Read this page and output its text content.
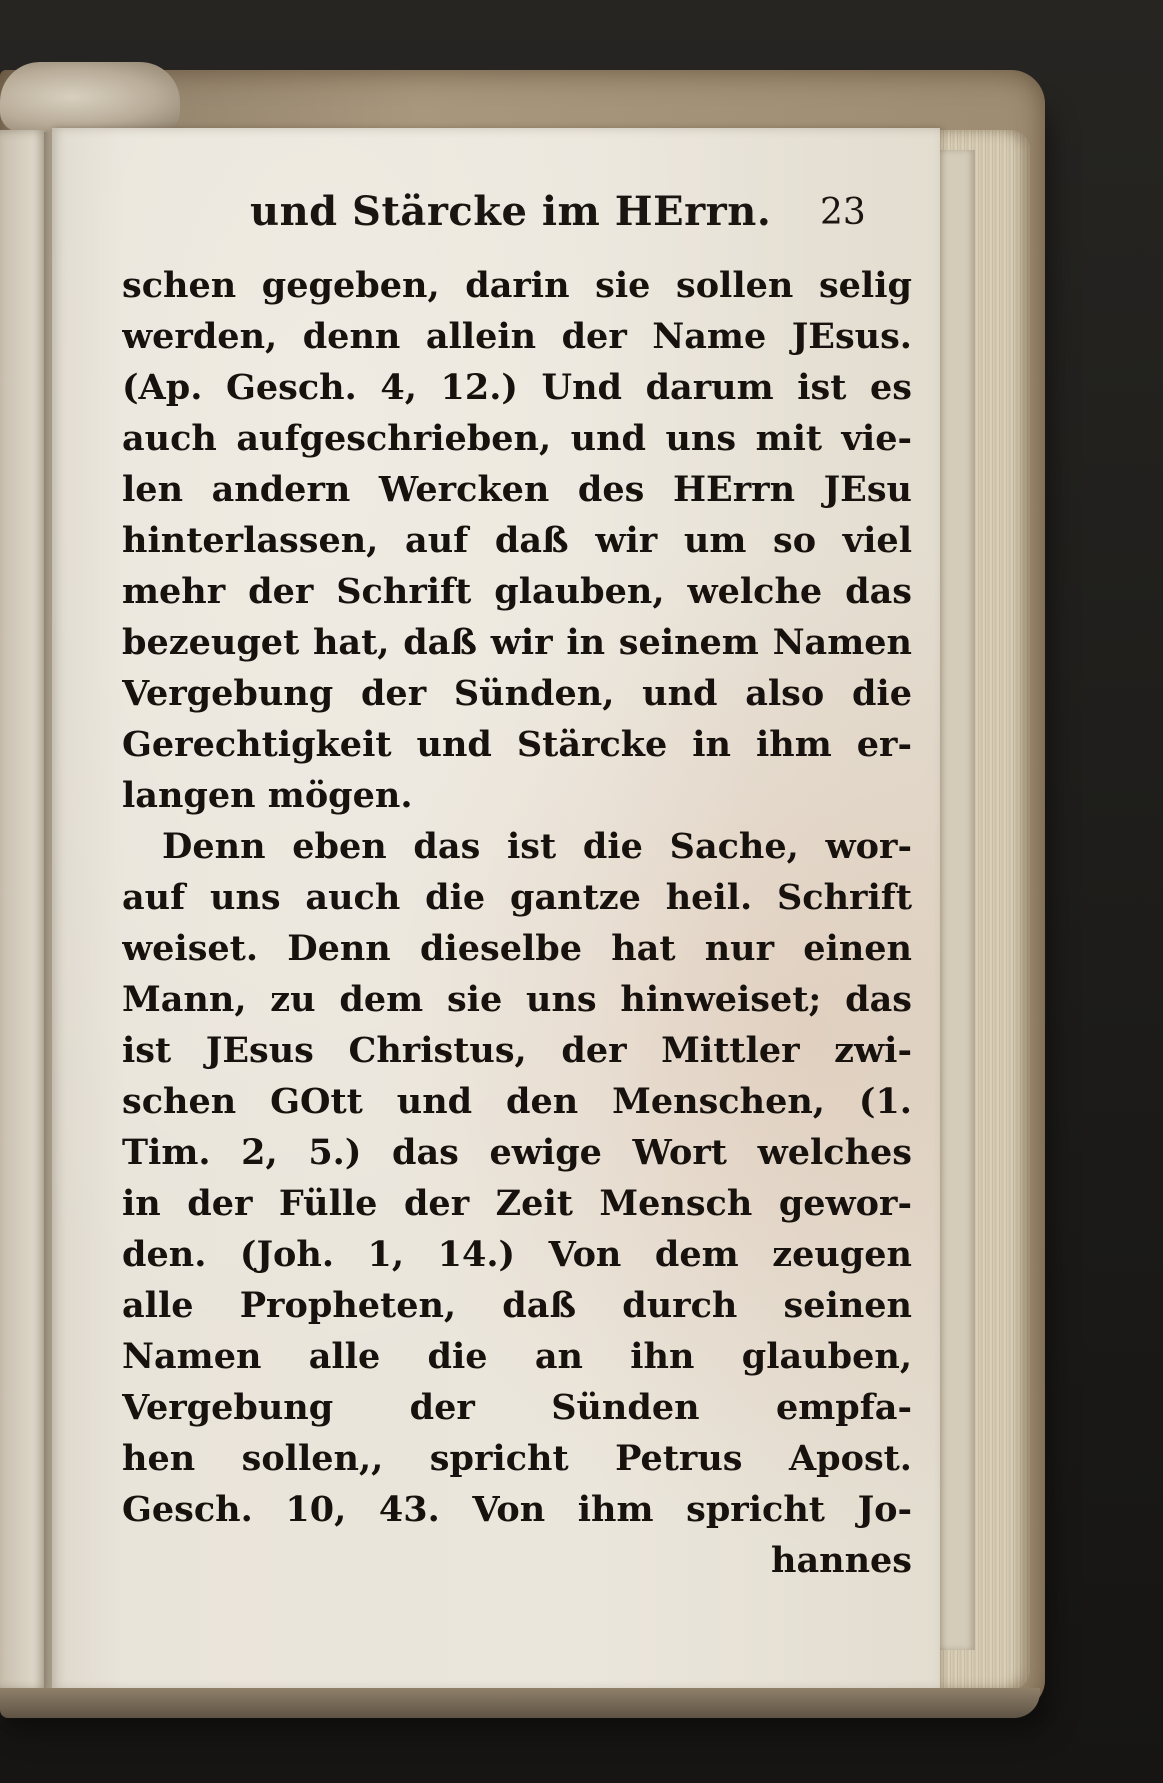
und Stärcke im HErrn. 23
schen gegeben, darin sie sollen selig
werden, denn allein der Name JEsus.
(Ap. Gesch. 4, 12.) Und darum ist es
auch aufgeschrieben, und uns mit vie-
len andern Wercken des HErrn JEsu
hinterlassen, auf daß wir um so viel
mehr der Schrift glauben, welche das
bezeuget hat, daß wir in seinem Namen
Vergebung der Sünden, und also die
Gerechtigkeit und Stärcke in ihm er-
langen mögen.
Denn eben das ist die Sache, wor-
auf uns auch die gantze heil. Schrift
weiset. Denn dieselbe hat nur einen
Mann, zu dem sie uns hinweiset; das
ist JEsus Christus, der Mittler zwi-
schen GOtt und den Menschen, (1.
Tim. 2, 5.) das ewige Wort welches
in der Fülle der Zeit Mensch gewor-
den. (Joh. 1, 14.) Von dem zeugen
alle Propheten, daß durch seinen
Namen alle die an ihn glauben,
Vergebung der Sünden empfa-
hen sollen,, spricht Petrus Apost.
Gesch. 10, 43. Von ihm spricht Jo-
hannes
